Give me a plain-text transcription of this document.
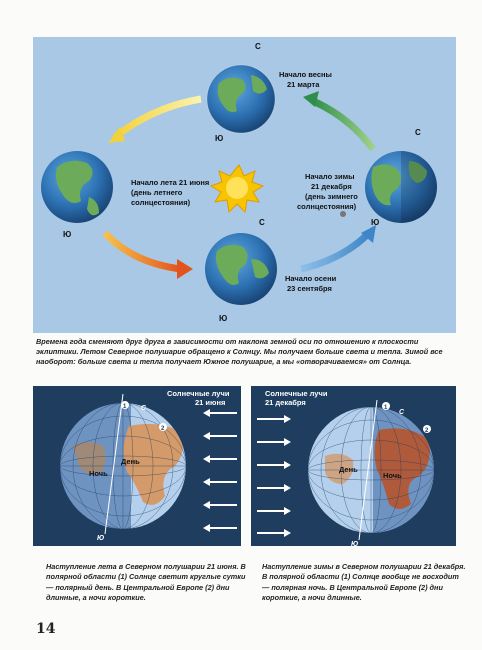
С
Ю
Начало весны
21 марта
Начало лета 21 июня
(день летнего
солнцестояния)
Ю
С
Ю
Начало зимы
21 декабря
(день зимнего
солнцестояния)
С
Ю
Начало осени
23 сентября

Времена года сменяют друг друга в зависимости от наклона земной оси по отношению к плоскости эклиптики. Летом Северное полушарие обращено к Солнцу. Мы получаем больше света и тепла. Зимой все наоборот: больше света и тепла получает Южное полушарие, а мы «отворачиваемся» от Солнца.

1
2
С
Ю
Ночь
День
Солнечные лучи
21 июня
Солнечные лучи
21 декабря
1
2
С
Ю
День
Ночь

Наступление лета в Северном полушарии 21 июня. В полярной области (1) Солнце светит круглые сутки — полярный день. В Центральной Европе (2) дни длинные, а ночи короткие.

Наступление зимы в Северном полушарии 21 декабря. В полярной области (1) Солнце вообще не восходит — полярная ночь. В Центральной Европе (2) дни короткие, а ночи длинные.

14
